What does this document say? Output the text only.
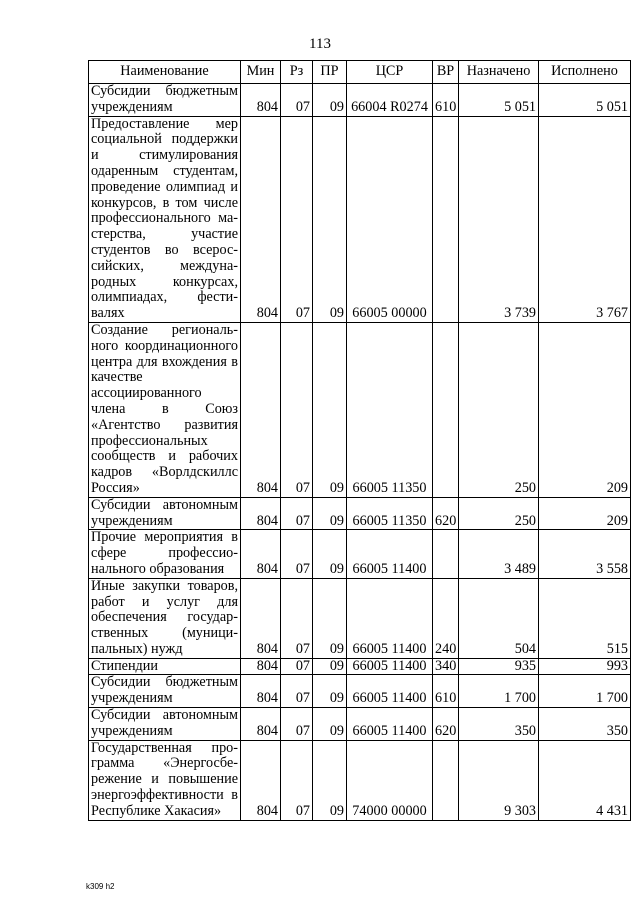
113
Наименование	Мин	Рз	ПР	ЦСР	ВР	Назначено	Исполнено
Субсидии бюджетным учреждениям	804	07	09	66004 R0274	610	5 051	5 051
Предоставление мер социальной поддержки и стимулирования одаренным студентам, проведение олимпиад и конкурсов, в том числе профессионального мастерства, участие студентов во всероссийских, международных конкурсах, олимпиадах, фестивалях	804	07	09	66005 00000		3 739	3 767
Создание регионального координационного центра для вхождения в качестве ассоциированного члена в Союз «Агентство развития профессиональных сообществ и рабочих кадров «Ворлдскиллс Россия»	804	07	09	66005 11350		250	209
Субсидии автономным учреждениям	804	07	09	66005 11350	620	250	209
Прочие мероприятия в сфере профессионального образования	804	07	09	66005 11400		3 489	3 558
Иные закупки товаров, работ и услуг для обеспечения государственных (муниципальных) нужд	804	07	09	66005 11400	240	504	515
Стипендии	804	07	09	66005 11400	340	935	993
Субсидии бюджетным учреждениям	804	07	09	66005 11400	610	1 700	1 700
Субсидии автономным учреждениям	804	07	09	66005 11400	620	350	350
Государственная программа «Энергосбережение и повышение энергоэффективности в Республике Хакасия»	804	07	09	74000 00000		9 303	4 431
k309 h2
